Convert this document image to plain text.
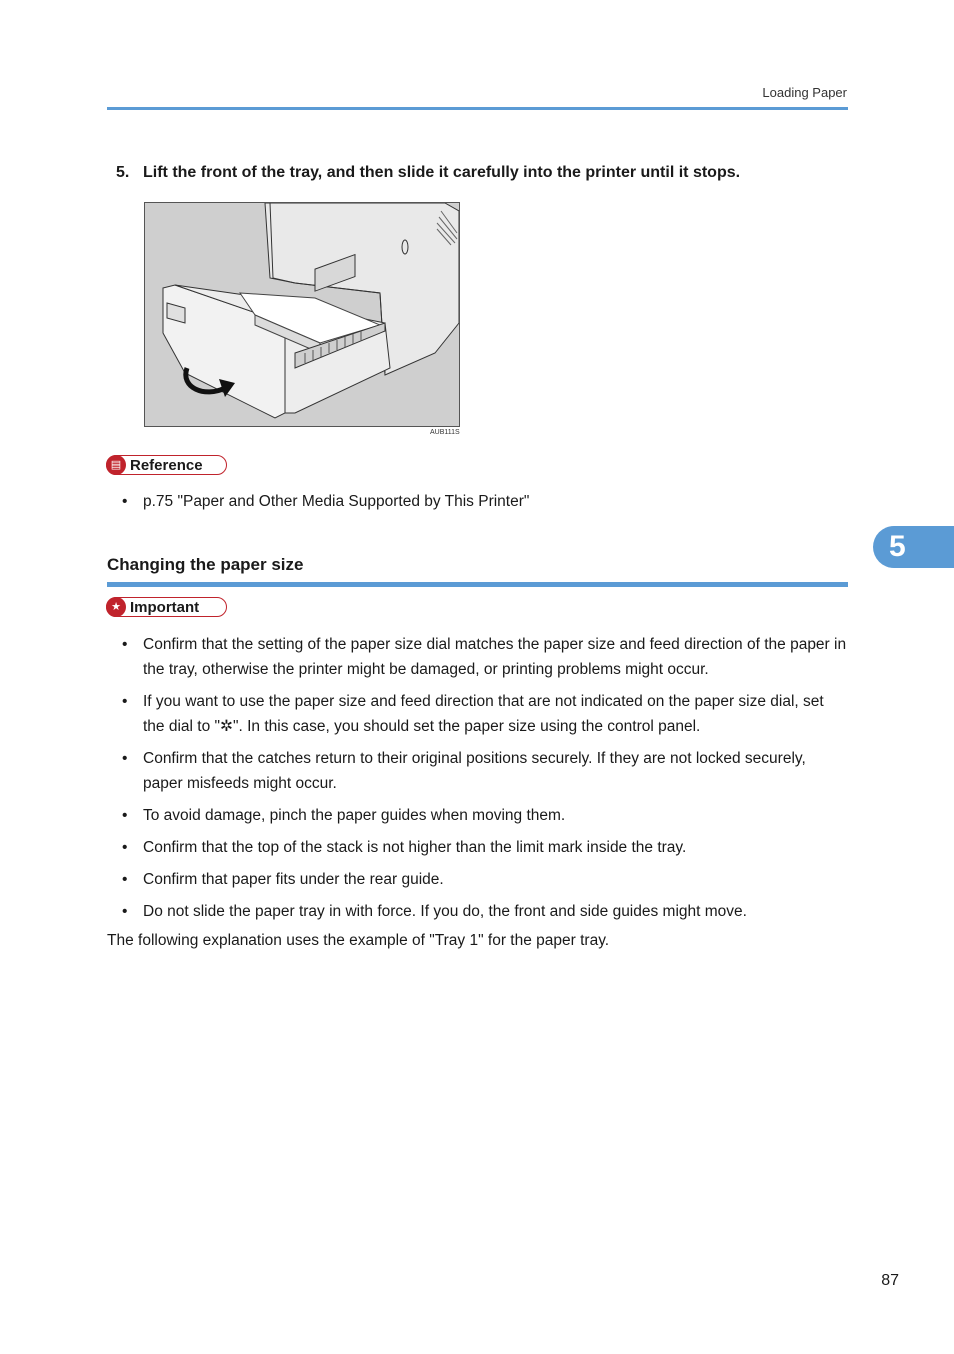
Loading Paper
5. Lift the front of the tray, and then slide it carefully into the printer until it stops.
AUB111S
▤ Reference
• p.75 "Paper and Other Media Supported by This Printer"
Changing the paper size
5
★ Important
• Confirm that the setting of the paper size dial matches the paper size and feed direction of the paper in the tray, otherwise the printer might be damaged, or printing problems might occur.
• If you want to use the paper size and feed direction that are not indicated on the paper size dial, set the dial to "✲". In this case, you should set the paper size using the control panel.
• Confirm that the catches return to their original positions securely. If they are not locked securely, paper misfeeds might occur.
• To avoid damage, pinch the paper guides when moving them.
• Confirm that the top of the stack is not higher than the limit mark inside the tray.
• Confirm that paper fits under the rear guide.
• Do not slide the paper tray in with force. If you do, the front and side guides might move.
The following explanation uses the example of "Tray 1" for the paper tray.
87
